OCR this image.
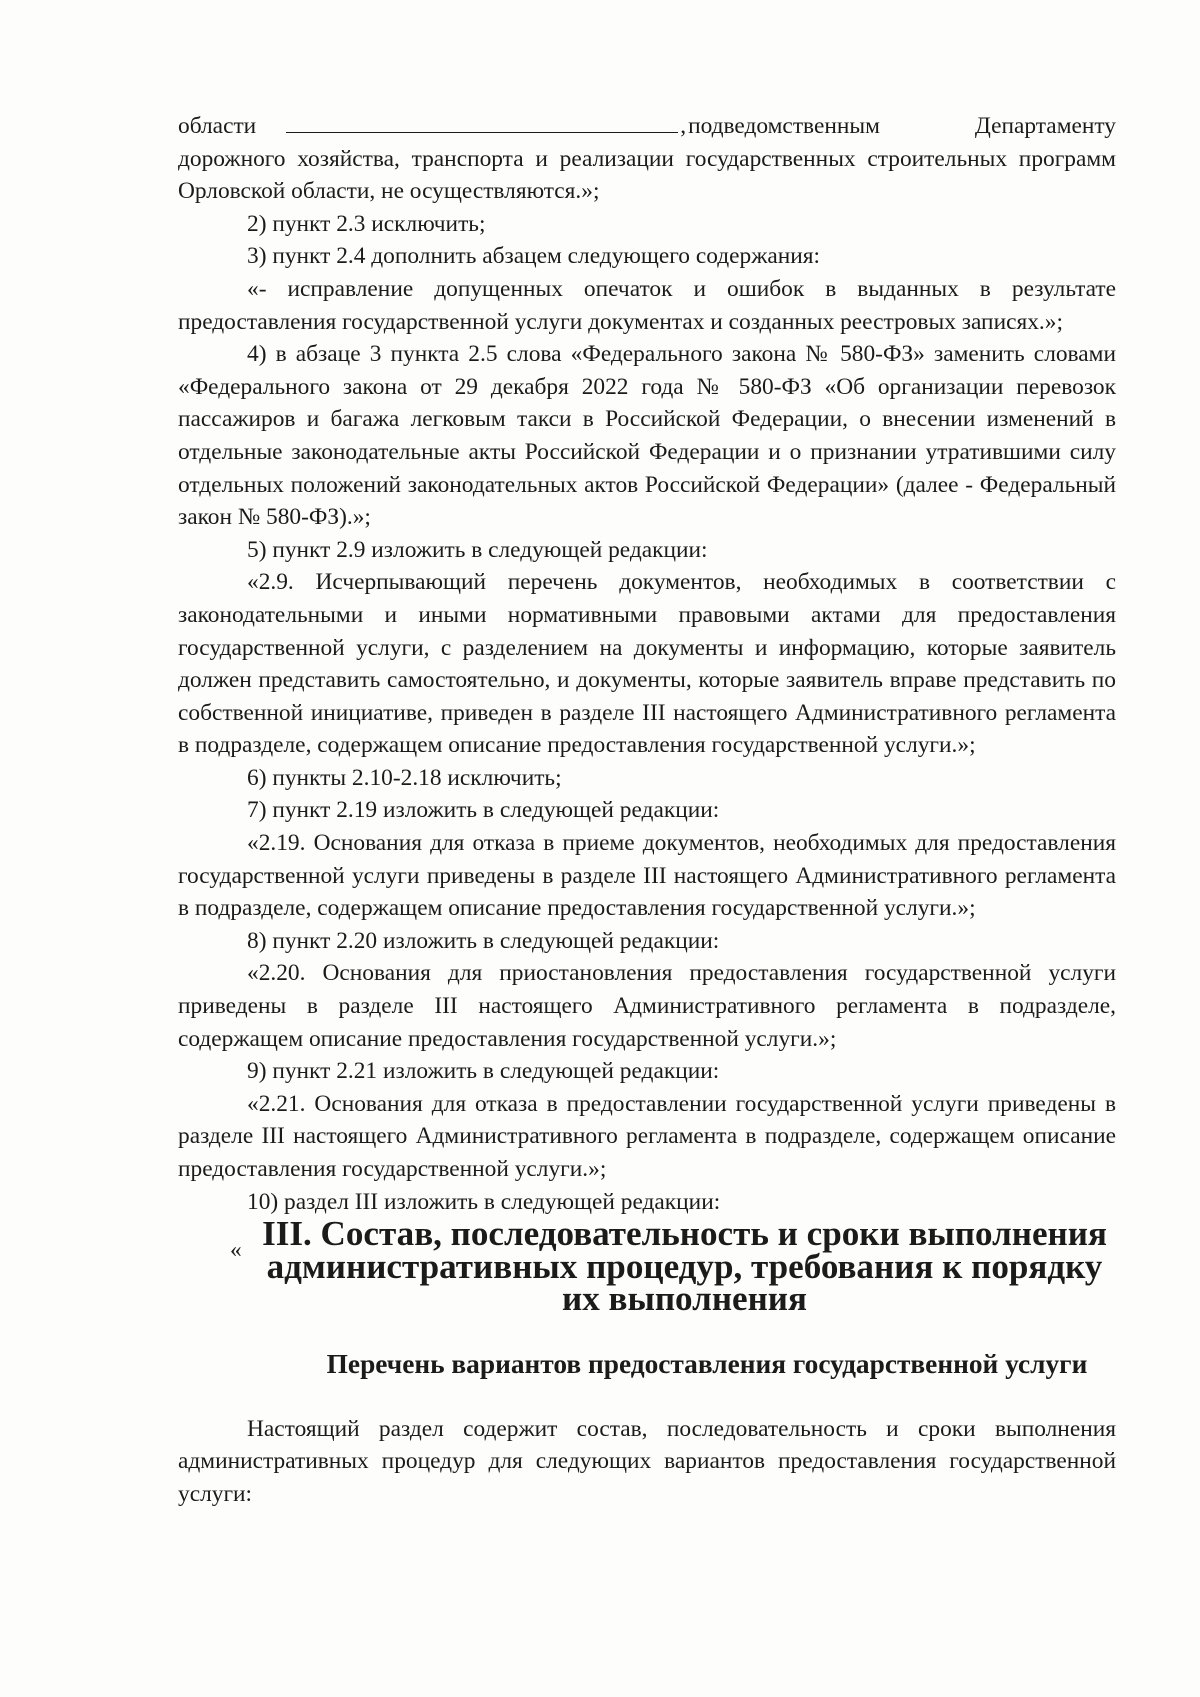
области	, подведомственным	Департаменту

дорожного хозяйства, транспорта и реализации государственных строительных программ Орловской области, не осуществляются.»;

2) пункт 2.3 исключить;

3) пункт 2.4 дополнить абзацем следующего содержания:

«- исправление допущенных опечаток и ошибок в выданных в результате предоставления государственной услуги документах и созданных реестровых записях.»;

4) в абзаце 3 пункта 2.5 слова «Федерального закона № 580-ФЗ» заменить словами «Федерального закона от 29 декабря 2022 года № 580-ФЗ «Об организации перевозок пассажиров и багажа легковым такси в Российской Федерации, о внесении изменений в отдельные законодательные акты Российской Федерации и о признании утратившими силу отдельных положений законодательных актов Российской Федерации» (далее - Федеральный закон № 580-ФЗ).»;

5) пункт 2.9 изложить в следующей редакции:

«2.9. Исчерпывающий перечень документов, необходимых в соответствии с законодательными и иными нормативными правовыми актами для предоставления государственной услуги, с разделением на документы и информацию, которые заявитель должен представить самостоятельно, и документы, которые заявитель вправе представить по собственной инициативе, приведен в разделе III настоящего Административного регламента в подразделе, содержащем описание предоставления государственной услуги.»;

6) пункты 2.10-2.18 исключить;

7) пункт 2.19 изложить в следующей редакции:

«2.19. Основания для отказа в приеме документов, необходимых для предоставления государственной услуги приведены в разделе III настоящего Административного регламента в подразделе, содержащем описание предоставления государственной услуги.»;

8) пункт 2.20 изложить в следующей редакции:

«2.20. Основания для приостановления предоставления государственной услуги приведены в разделе III настоящего Административного регламента в подразделе, содержащем описание предоставления государственной услуги.»;

9) пункт 2.21 изложить в следующей редакции:

«2.21. Основания для отказа в предоставлении государственной услуги приведены в разделе III настоящего Административного регламента в подразделе, содержащем описание предоставления государственной услуги.»;

10) раздел III изложить в следующей редакции:

« III. Состав, последовательность и сроки выполнения
административных процедур, требования к порядку
их выполнения
Перечень вариантов предоставления государственной услуги

Настоящий раздел содержит состав, последовательность и сроки выполнения административных процедур для следующих вариантов предоставления государственной услуги:
